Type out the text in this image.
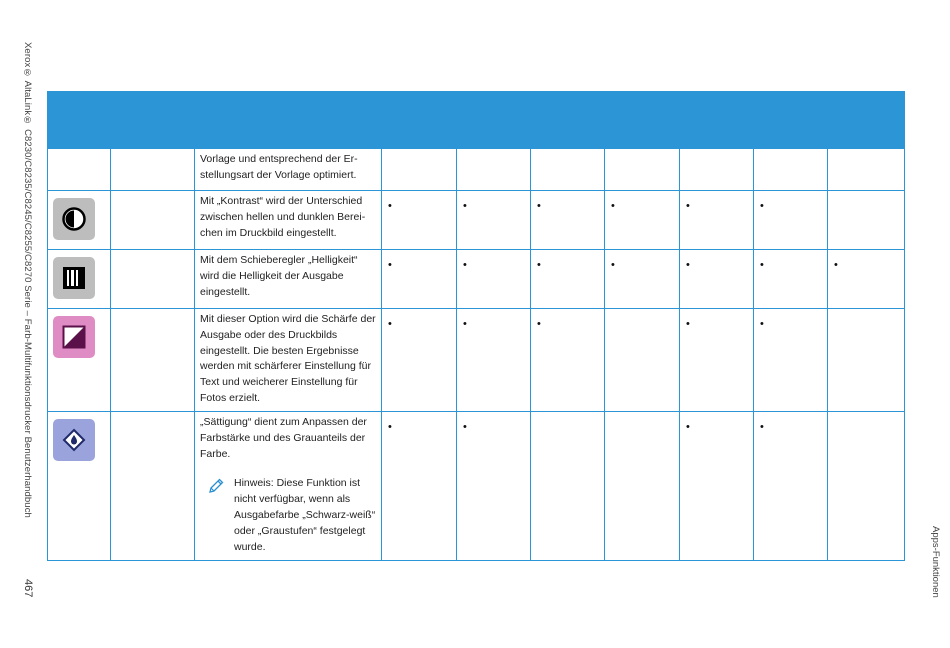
Xerox® AltaLink® C8230/C8235/C8245/C8255/C8270 Serie – Farb-Multifunktionsdrucker Benutzerhandbuch
467	Apps-Funktionen

		Vorlage und entsprechend der Er-stellungsart der Vorlage optimiert.							

Mit „Kontrast“ wird der Unterschied zwischen hellen und dunklen Berei-chen im Druckbild eingestellt.	•	•	•	•	•	•	

Mit dem Schieberegler „Helligkeit“ wird die Helligkeit der Ausgabe eingestellt.	•	•	•	•	•	•	•

Mit dieser Option wird die Schärfe der Ausgabe oder des Druckbilds eingestellt. Die besten Ergebnisse werden mit schärferer Einstellung für Text und weicherer Einstellung für Fotos erzielt.	•	•	•		•	•	

„Sättigung“ dient zum Anpassen der Farbstärke und des Grauanteils der Farbe.
Hinweis: Diese Funktion ist nicht verfügbar, wenn als Ausgabefarbe „Schwarz-weiß“ oder „Graustufen“ festgelegt wurde.	•	•			•	•	
